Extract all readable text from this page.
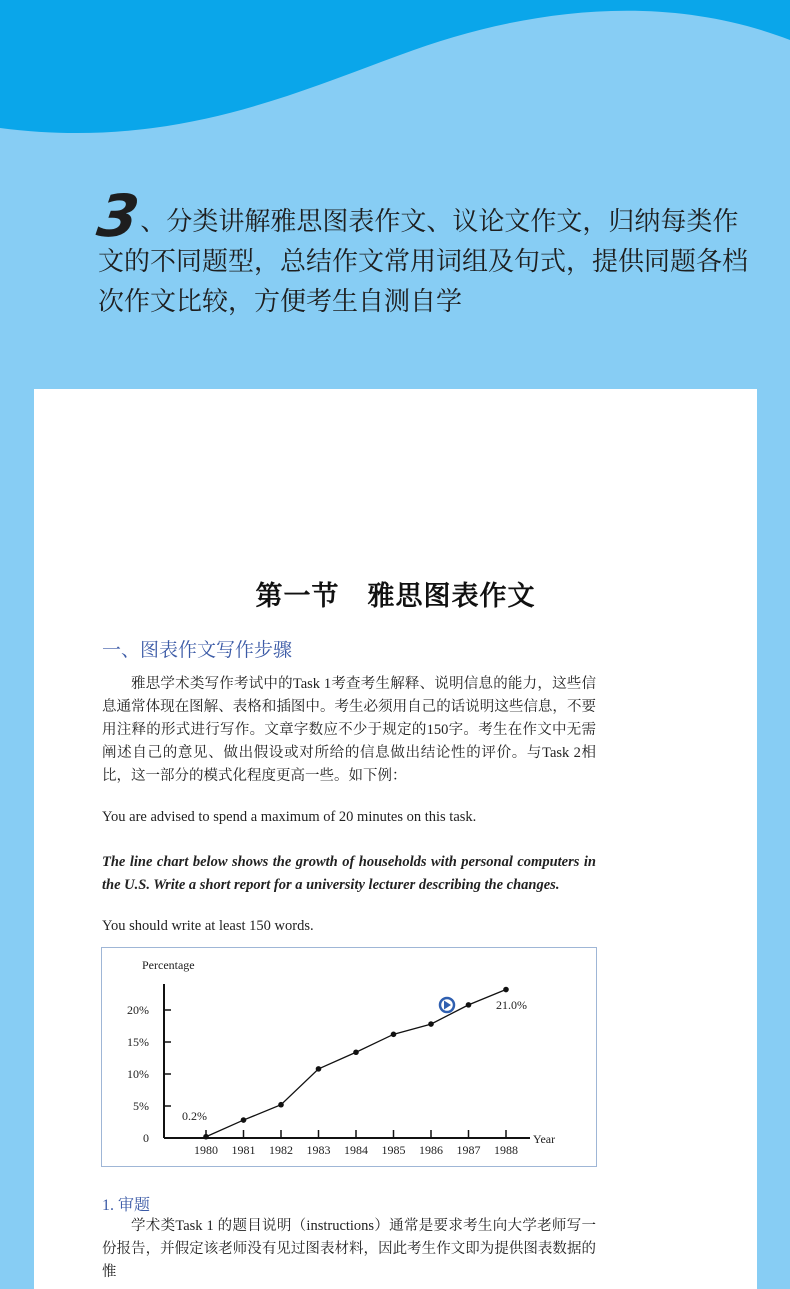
3、分类讲解雅思图表作文、议论文作文，归纳每类作文的不同题型，总结作文常用词组及句式，提供同题各档次作文比较，方便考生自测自学
第一节　雅思图表作文
一、图表作文写作步骤
雅思学术类写作考试中的Task 1考查考生解释、说明信息的能力，这些信息通常体现在图解、表格和插图中。考生必须用自己的话说明这些信息，不要用注释的形式进行写作。文章字数应不少于规定的150字。考生在作文中无需阐述自己的意见、做出假设或对所给的信息做出结论性的评价。与Task 2相比，这一部分的模式化程度更高一些。如下例：
You are advised to spend a maximum of 20 minutes on this task.
The line chart below shows the growth of households with personal computers in the U.S. Write a short report for a university lecturer describing the changes.
You should write at least 150 words.
Percentage
Year
0
5%
10%
15%
20%
1980 1981 1982 1983 1984 1985 1986 1987 1988
0.2%
21.0%
1. 审题
学术类Task 1 的题目说明（instructions）通常是要求考生向大学老师写一份报告，并假定该老师没有见过图表材料，因此考生作文即为提供图表数据的惟
